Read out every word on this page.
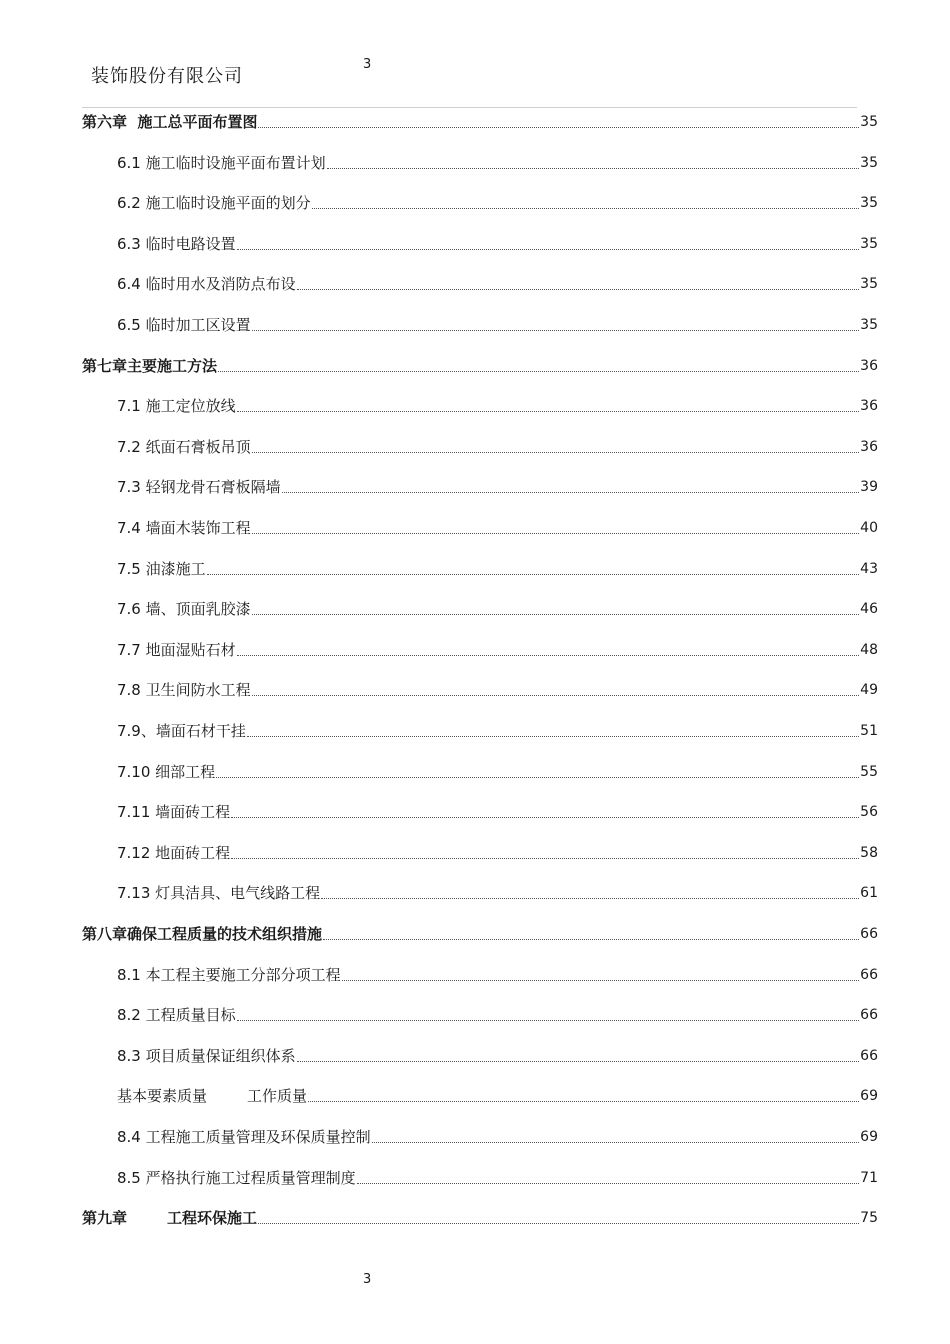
装饰股份有限公司
3
第六章  施工总平面布置图	35
6.1 施工临时设施平面布置计划	35
6.2 施工临时设施平面的划分	35
6.3 临时电路设置	35
6.4 临时用水及消防点布设	35
6.5 临时加工区设置	35
第七章主要施工方法	36
7.1 施工定位放线	36
7.2 纸面石膏板吊顶	36
7.3 轻钢龙骨石膏板隔墙	39
7.4 墙面木装饰工程	40
7.5 油漆施工	43
7.6 墙、顶面乳胶漆	46
7.7 地面湿贴石材	48
7.8 卫生间防水工程	49
7.9、墙面石材干挂	51
7.10 细部工程	55
7.11 墙面砖工程	56
7.12 地面砖工程	58
7.13 灯具洁具、电气线路工程	61
第八章确保工程质量的技术组织措施	66
8.1 本工程主要施工分部分项工程	66
8.2 工程质量目标	66
8.3 项目质量保证组织体系	66
基本要素质量	工作质量	69
8.4 工程施工质量管理及环保质量控制	69
8.5 严格执行施工过程质量管理制度	71
第九章	工程环保施工	75
3
